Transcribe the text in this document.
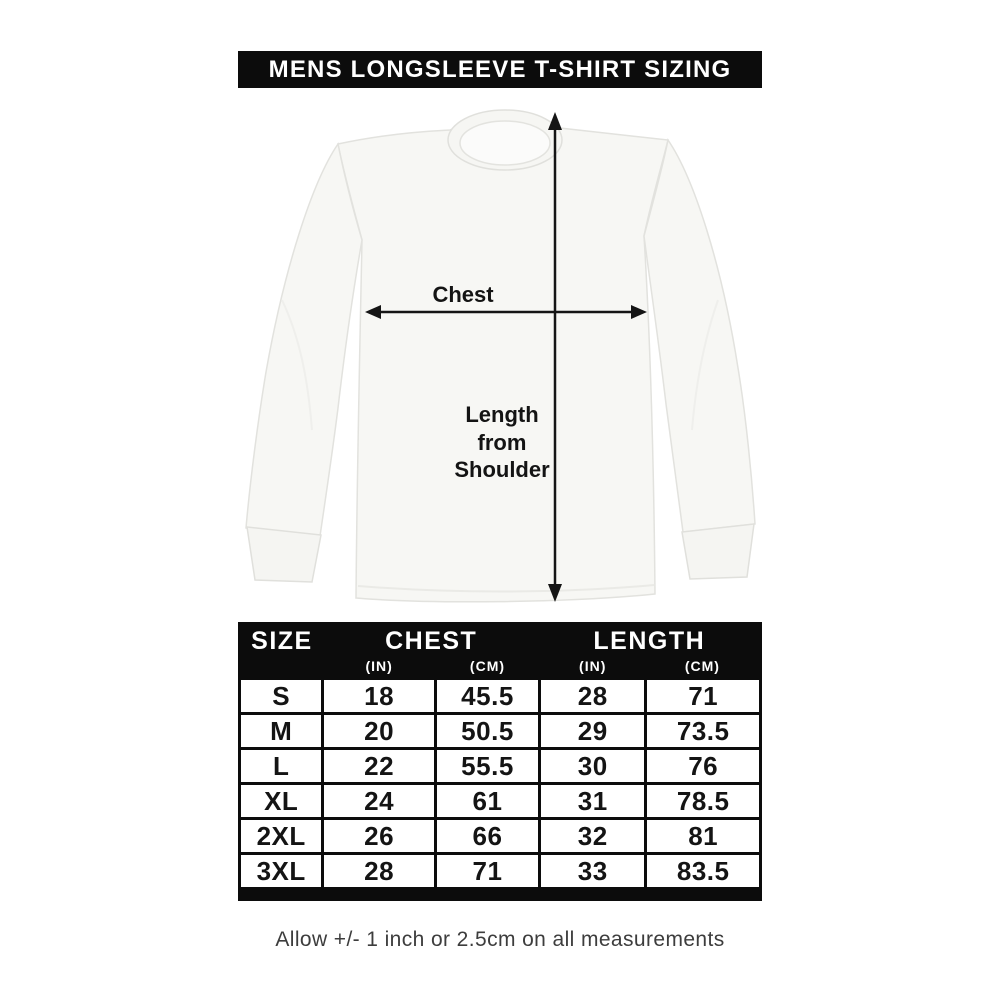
MENS LONGSLEEVE T-SHIRT SIZING
Chest
Length
from
Shoulder
SIZE	CHEST		LENGTH	
	(IN)	(CM)	(IN)	(CM)
S	18	45.5	28	71
M	20	50.5	29	73.5
L	22	55.5	30	76
XL	24	61	31	78.5
2XL	26	66	32	81
3XL	28	71	33	83.5
Allow +/- 1 inch or 2.5cm on all measurements
